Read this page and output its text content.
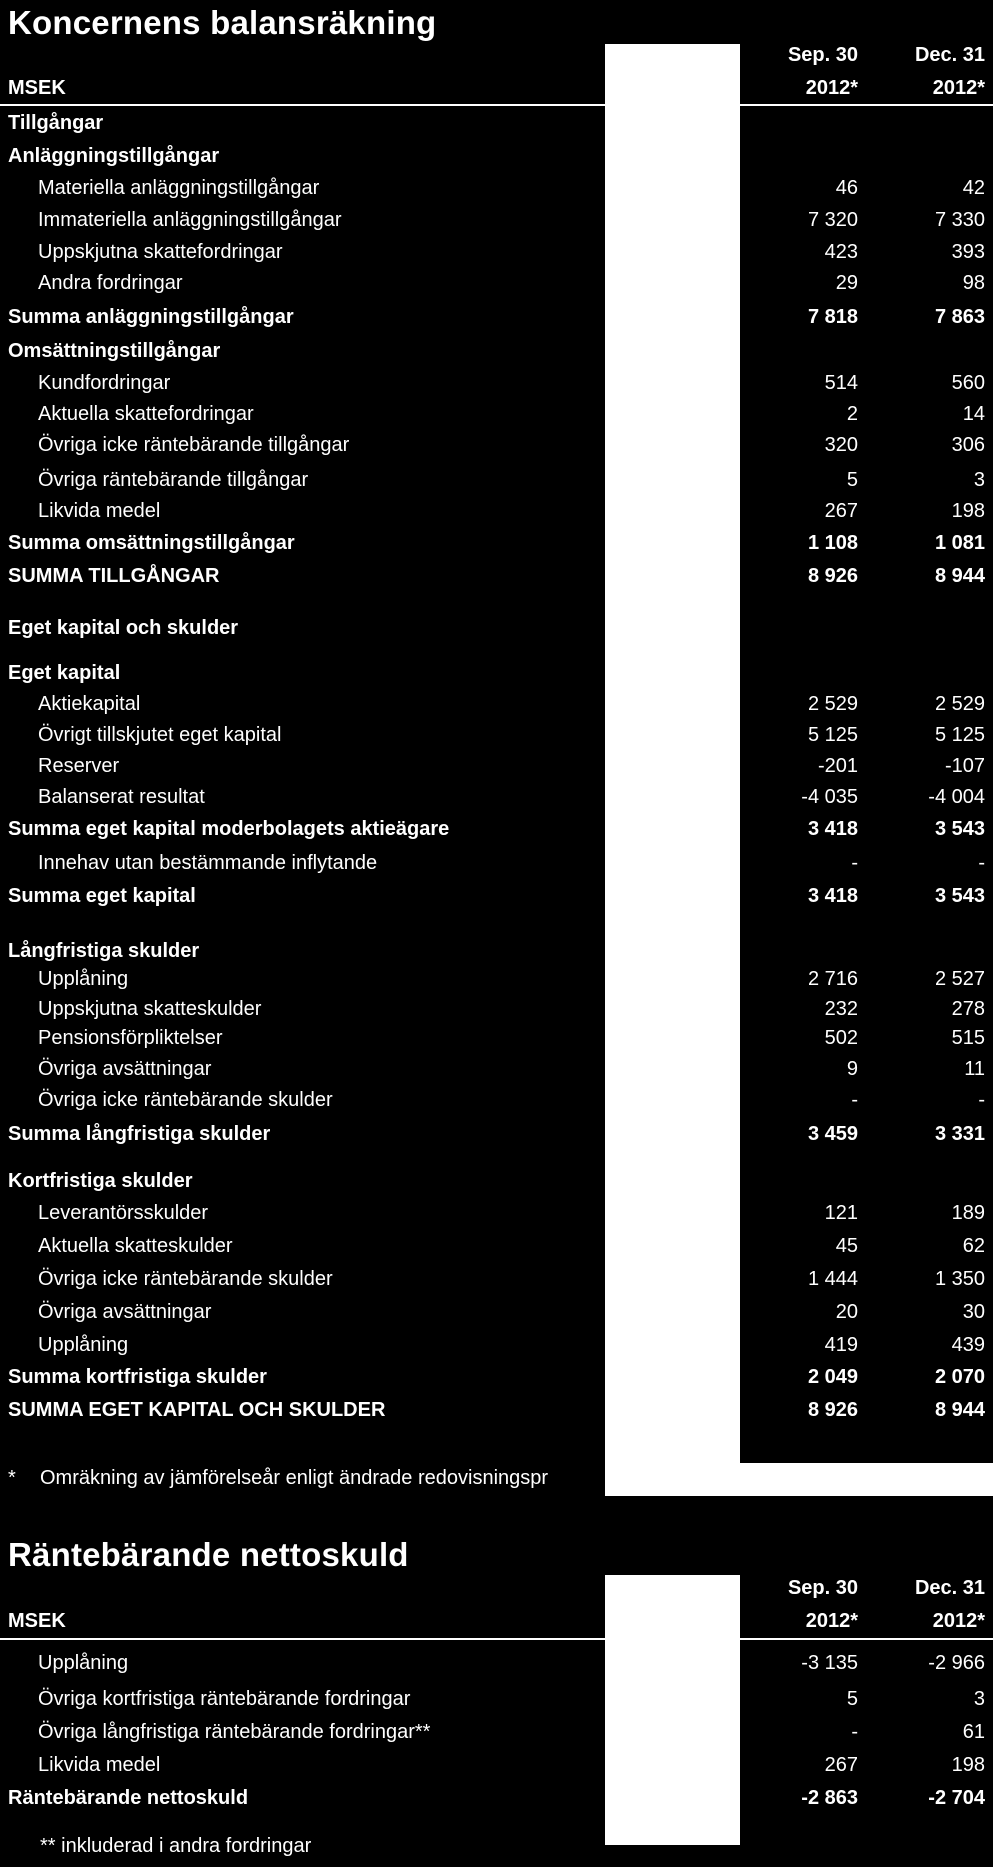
Koncernens balansräkning
Sep. 30	Dec. 31
MSEK	2012*	2012*
Tillgångar
Anläggningstillgångar
Materiella anläggningstillgångar	46	42
Immateriella anläggningstillgångar	7 320	7 330
Uppskjutna skattefordringar	423	393
Andra fordringar	29	98
Summa anläggningstillgångar	7 818	7 863
Omsättningstillgångar
Kundfordringar	514	560
Aktuella skattefordringar	2	14
Övriga icke räntebärande tillgångar	320	306
Övriga räntebärande tillgångar	5	3
Likvida medel	267	198
Summa omsättningstillgångar	1 108	1 081
SUMMA TILLGÅNGAR	8 926	8 944
Eget kapital och skulder
Eget kapital
Aktiekapital	2 529	2 529
Övrigt tillskjutet eget kapital	5 125	5 125
Reserver	-201	-107
Balanserat resultat	-4 035	-4 004
Summa eget kapital moderbolagets aktieägare	3 418	3 543
Innehav utan bestämmande inflytande	-	-
Summa eget kapital	3 418	3 543
Långfristiga skulder
Upplåning	2 716	2 527
Uppskjutna skatteskulder	232	278
Pensionsförpliktelser	502	515
Övriga avsättningar	9	11
Övriga icke räntebärande skulder	-	-
Summa långfristiga skulder	3 459	3 331
Kortfristiga skulder
Leverantörsskulder	121	189
Aktuella skatteskulder	45	62
Övriga icke räntebärande skulder	1 444	1 350
Övriga avsättningar	20	30
Upplåning	419	439
Summa kortfristiga skulder	2 049	2 070
SUMMA EGET KAPITAL OCH SKULDER	8 926	8 944
* Omräkning av jämförelseår enligt ändrade redovisningspr
Räntebärande nettoskuld
Sep. 30	Dec. 31
MSEK	2012*	2012*
Upplåning	-3 135	-2 966
Övriga kortfristiga räntebärande fordringar	5	3
Övriga långfristiga räntebärande fordringar**	-	61
Likvida medel	267	198
Räntebärande nettoskuld	-2 863	-2 704
** inkluderad i andra fordringar
